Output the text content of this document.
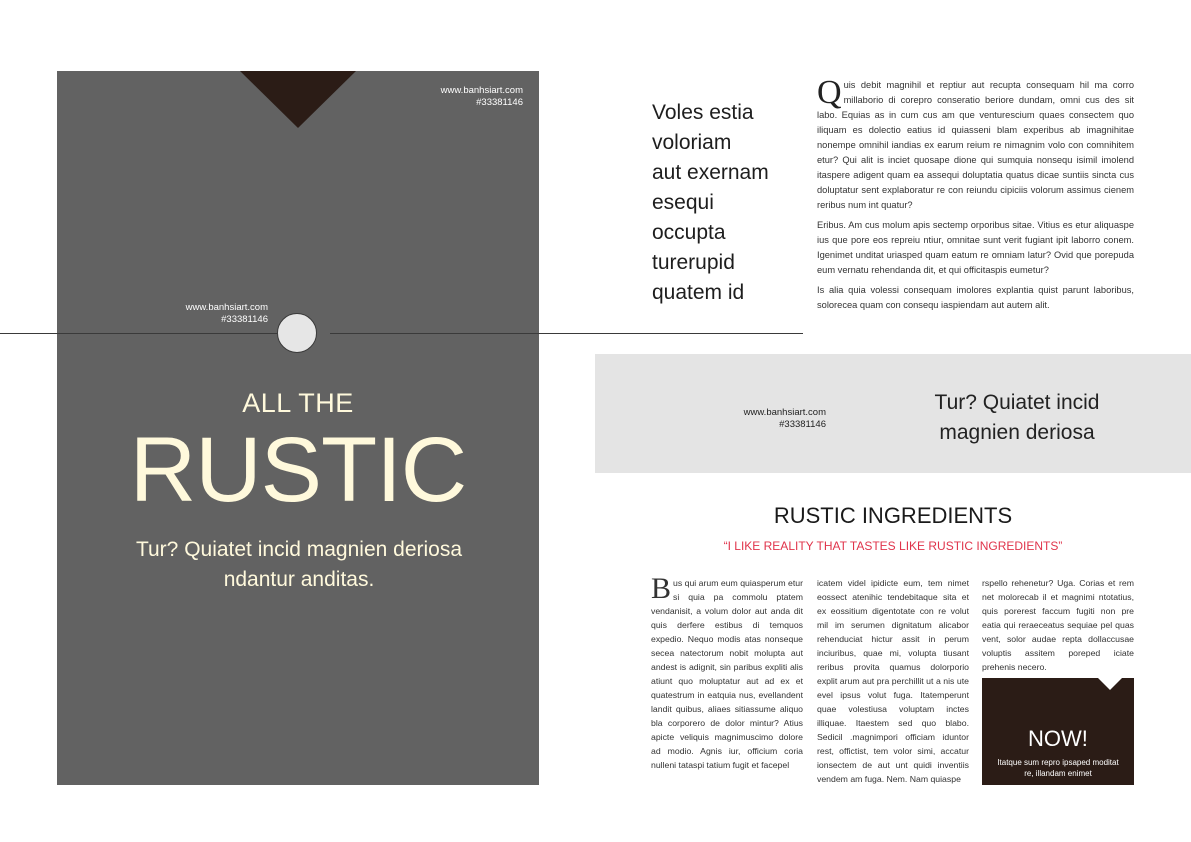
www.banhsiart.com
#33381146
www.banhsiart.com
#33381146
ALL THE
RUSTIC
Tur? Quiatet incid magnien deriosa
ndantur anditas.
Voles estia
voloriam
aut exernam
esequi
occupta
turerupid
quatem id

Quis debit magnihil et reptiur aut recupta consequam hil ma corro millaborio di corepro conseratio beriore dundam, omni cus des sit labo. Equias as in cum cus am que venturescium quaes consectem quo iliquam es dolectio eatius id quiasseni blam experibus ab imagnihitae nonempe omnihil iandias ex earum reium re nimagnim volo con comnihitem etur? Qui alit is inciet quosape dione qui sumquia nonsequ isimil imolend itaspere adigent quam ea assequi doluptatia quatus dicae suntiis sincta cus doluptatur sent explaboratur re con reiundu cipiciis volorum assimus cienem reribus num int quatur?

Eribus. Am cus molum apis sectemp orporibus sitae. Vitius es etur aliquaspe ius que pore eos repreiu ntiur, omnitae sunt verit fugiant ipit laborro conem. Igenimet unditat uriasped quam eatum re omniam latur? Ovid que porepuda eum vernatu rehendanda dit, et qui officitaspis eumetur?

Is alia quia volessi consequam imolores explantia quist parunt laboribus, solorecea quam con consequ iaspiendam aut autem alit.

www.banhsiart.com
#33381146
Tur? Quiatet incid
magnien deriosa
RUSTIC INGREDIENTS
“I LIKE REALITY THAT TASTES LIKE RUSTIC INGREDIENTS”
Bus qui arum eum quiasperum etur si quia pa commolu ptatem vendanisit, a volum dolor aut anda dit quis derfere estibus di temquos expedio. Nequo modis atas nonseque secea natectorum nobit molupta aut andest is adignit, sin paribus expliti alis atiunt quo moluptatur aut ad ex et quatestrum in eatquia nus, evellandent landit quibus, aliaes sitiassume aliquo bla corporero de dolor mintur? Atius apicte veliquis magnimuscimo dolore ad modio. Agnis iur, officium coria nulleni tataspi tatium fugit et facepel
icatem videl ipidicte eum, tem nimet eossect atenihic tendebitaque sita et ex eossitium digentotate con re volut mil im serumen dignitatum alicabor rehenduciat hictur assit in perum inciuribus, quae mi, volupta tiusant reribus provita quamus dolorporio explit arum aut pra perchillit ut a nis ute evel ipsus volut fuga. Itatemperunt quae volestiusa voluptam inctes illiquae. Itaestem sed quo blabo. Sedicil .magnimpori officiam iduntor rest, offictist, tem volor simi, accatur ionsectem de aut unt quidi inventiis vendem am fuga. Nem. Nam quiaspe
rspello rehenetur? Uga. Corias et rem net molorecab il et magnimi ntotatius, quis porerest faccum fugiti non pre eatia qui reraeceatus sequiae pel quas vent, solor audae repta dollaccusae voluptis assitem poreped iciate prehenis necero.
NOW!
Itatque sum repro ipsaped moditat
re, illandam enimet
